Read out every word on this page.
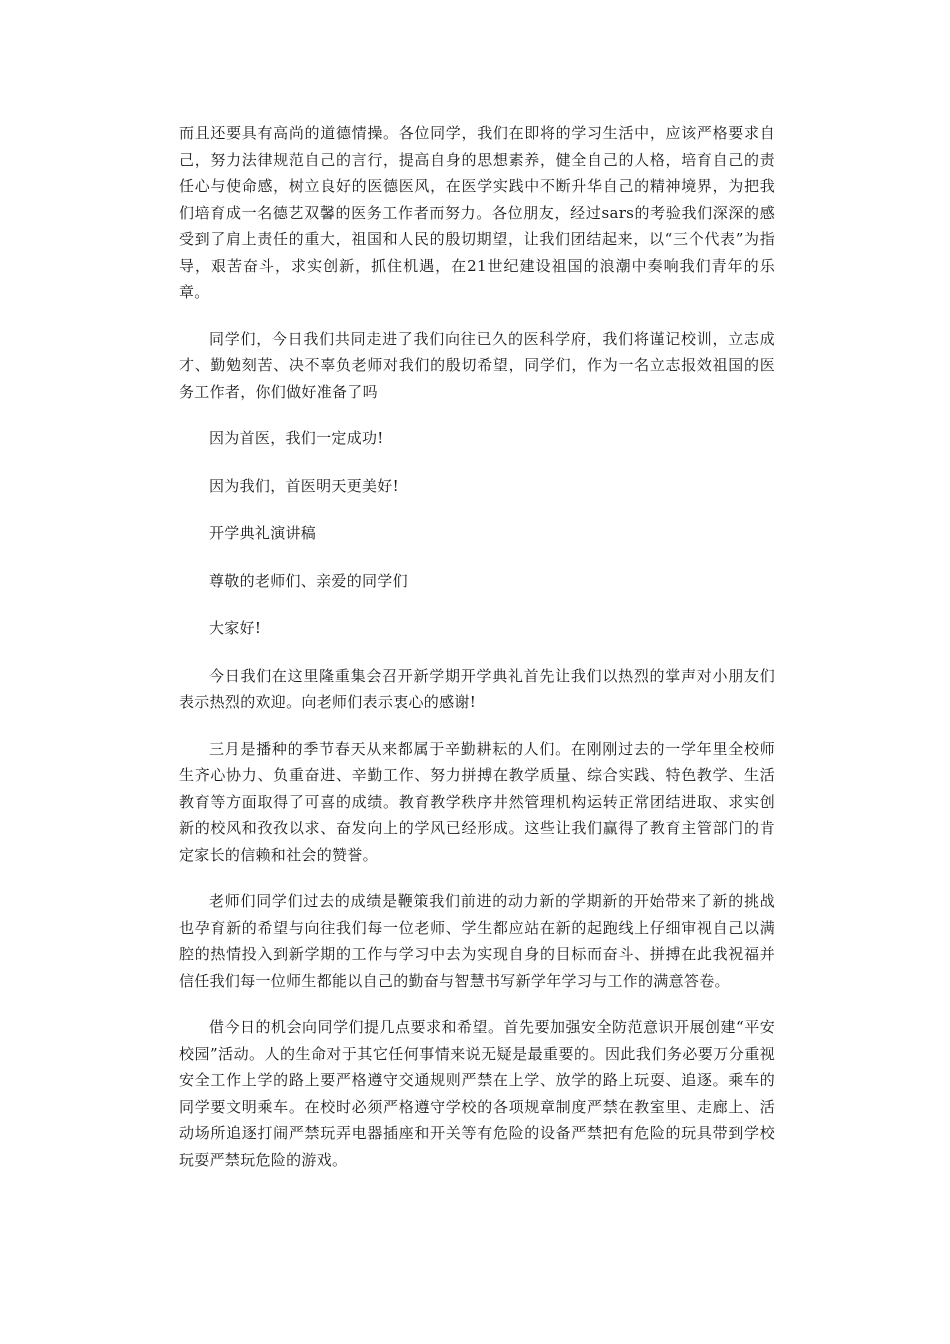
而且还要具有高尚的道德情操。各位同学，我们在即将的学习生活中，应该严格要求自己，努力法律规范自己的言行，提高自身的思想素养，健全自己的人格，培育自己的责任心与使命感，树立良好的医德医风，在医学实践中不断升华自己的精神境界，为把我们培育成一名德艺双馨的医务工作者而努力。各位朋友，经过sars的考验我们深深的感受到了肩上责任的重大，祖国和人民的殷切期望，让我们团结起来，以“三个代表”为指导，艰苦奋斗，求实创新，抓住机遇，在21世纪建设祖国的浪潮中奏响我们青年的乐章。

同学们，今日我们共同走进了我们向往已久的医科学府，我们将谨记校训，立志成才、勤勉刻苦、决不辜负老师对我们的殷切希望，同学们，作为一名立志报效祖国的医务工作者，你们做好准备了吗

因为首医，我们一定成功!

因为我们，首医明天更美好!

开学典礼演讲稿

尊敬的老师们、亲爱的同学们

大家好!

今日我们在这里隆重集会召开新学期开学典礼首先让我们以热烈的掌声对小朋友们表示热烈的欢迎。向老师们表示衷心的感谢!

三月是播种的季节春天从来都属于辛勤耕耘的人们。在刚刚过去的一学年里全校师生齐心协力、负重奋进、辛勤工作、努力拼搏在教学质量、综合实践、特色教学、生活教育等方面取得了可喜的成绩。教育教学秩序井然管理机构运转正常团结进取、求实创新的校风和孜孜以求、奋发向上的学风已经形成。这些让我们赢得了教育主管部门的肯定家长的信赖和社会的赞誉。

老师们同学们过去的成绩是鞭策我们前进的动力新的学期新的开始带来了新的挑战也孕育新的希望与向往我们每一位老师、学生都应站在新的起跑线上仔细审视自己以满腔的热情投入到新学期的工作与学习中去为实现自身的目标而奋斗、拼搏在此我祝福并信任我们每一位师生都能以自己的勤奋与智慧书写新学年学习与工作的满意答卷。

借今日的机会向同学们提几点要求和希望。首先要加强安全防范意识开展创建“平安校园”活动。人的生命对于其它任何事情来说无疑是最重要的。因此我们务必要万分重视安全工作上学的路上要严格遵守交通规则严禁在上学、放学的路上玩耍、追逐。乘车的同学要文明乘车。在校时必须严格遵守学校的各项规章制度严禁在教室里、走廊上、活动场所追逐打闹严禁玩弄电器插座和开关等有危险的设备严禁把有危险的玩具带到学校玩耍严禁玩危险的游戏。
